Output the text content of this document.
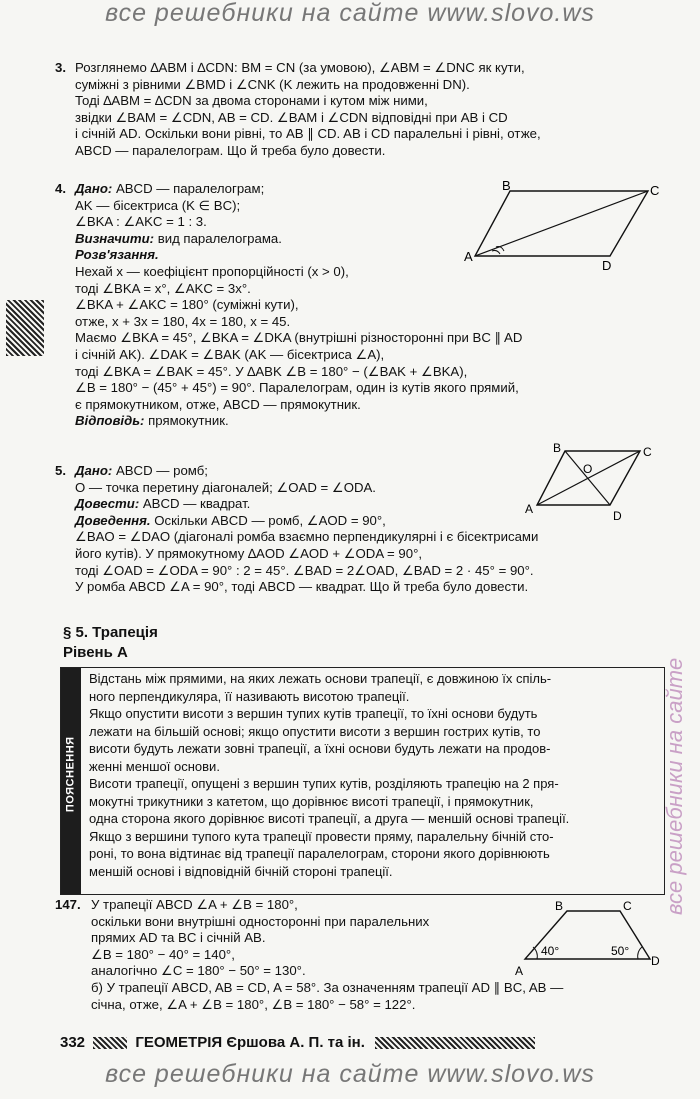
все решебники на сайте www.slovo.ws
3. Розглянемо ∆ABM і ∆CDN: BM = CN (за умовою), ∠ABM = ∠DNC як кути,
суміжні з рівними ∠BMD і ∠CNK (K лежить на продовженні DN).
Тоді ∆ABM = ∆CDN за двома сторонами і кутом між ними,
звідки ∠BAM = ∠CDN, AB = CD. ∠BAM і ∠CDN відповідні при AB і CD
і січній AD. Оскільки вони рівні, то AB ∥ CD. AB і CD паралельні і рівні, отже,
ABCD — паралелограм. Що й треба було довести.
4. Дано: ABCD — паралелограм;
AK — бісектриса (K ∈ BC);
∠BKA : ∠AKC = 1 : 3.
Визначити: вид паралелограма.
Розв'язання.
Нехай x — коефіцієнт пропорційності (x > 0),
тоді ∠BKA = x°, ∠AKC = 3x°.
∠BKA + ∠AKC = 180° (суміжні кути),
отже, x + 3x = 180, 4x = 180, x = 45.
Маємо ∠BKA = 45°, ∠BKA = ∠DKA (внутрішні різносторонні при BC ∥ AD
і січній AK). ∠DAK = ∠BAK (AK — бісектриса ∠A),
тоді ∠BKA = ∠BAK = 45°. У ∆ABK ∠B = 180° − (∠BAK + ∠BKA),
∠B = 180° − (45° + 45°) = 90°. Паралелограм, один із кутів якого прямий,
є прямокутником, отже, ABCD — прямокутник.
Відповідь: прямокутник.
B	C
A
D
5. Дано: ABCD — ромб;
O — точка перетину діагоналей; ∠OAD = ∠ODA.
Довести: ABCD — квадрат.
Доведення. Оскільки ABCD — ромб, ∠AOD = 90°,
∠BAO = ∠DAO (діагоналі ромба взаємно перпендикулярні і є бісектрисами
його кутів). У прямокутному ∆AOD ∠AOD + ∠ODA = 90°,
тоді ∠OAD = ∠ODA = 90° : 2 = 45°. ∠BAD = 2∠OAD, ∠BAD = 2 · 45° = 90°.
У ромба ABCD ∠A = 90°, тоді ABCD — квадрат. Що й треба було довести.
B	C
A	D
O
§ 5. Трапеція
Рівень А
ПОЯСНЕННЯ
Відстань між прямими, на яких лежать основи трапеції, є довжиною їх спіль-
ного перпендикуляра, її називають висотою трапеції.
Якщо опустити висоти з вершин тупих кутів трапеції, то їхні основи будуть
лежати на більшій основі; якщо опустити висоти з вершин гострих кутів, то
висоти будуть лежати зовні трапеції, а їхні основи будуть лежати на продов-
женні меншої основи.
Висоти трапеції, опущені з вершин тупих кутів, розділяють трапецію на 2 пря-
мокутні трикутники з катетом, що дорівнює висоті трапеції, і прямокутник,
одна сторона якого дорівнює висоті трапеції, а друга — меншій основі трапеції.
Якщо з вершини тупого кута трапеції провести пряму, паралельну бічній сто-
роні, то вона відтинає від трапеції паралелограм, сторони якого дорівнюють
меншій основі і відповідній бічній стороні трапеції.
147. У трапеції ABCD ∠A + ∠B = 180°,
оскільки вони внутрішні односторонні при паралельних
прямих AD та BC і січній AB.
∠B = 180° − 40° = 140°,
аналогічно ∠C = 180° − 50° = 130°.
б) У трапеції ABCD, AB = CD, A = 58°. За означенням трапеції AD ∥ BC, AB —
січна, отже, ∠A + ∠B = 180°, ∠B = 180° − 58° = 122°.
B	C
A
D
40°	50°
332	ГЕОМЕТРІЯ Єршова А. П. та ін.
все решебники на сайте www.slovo.ws
все решебники на сайте
